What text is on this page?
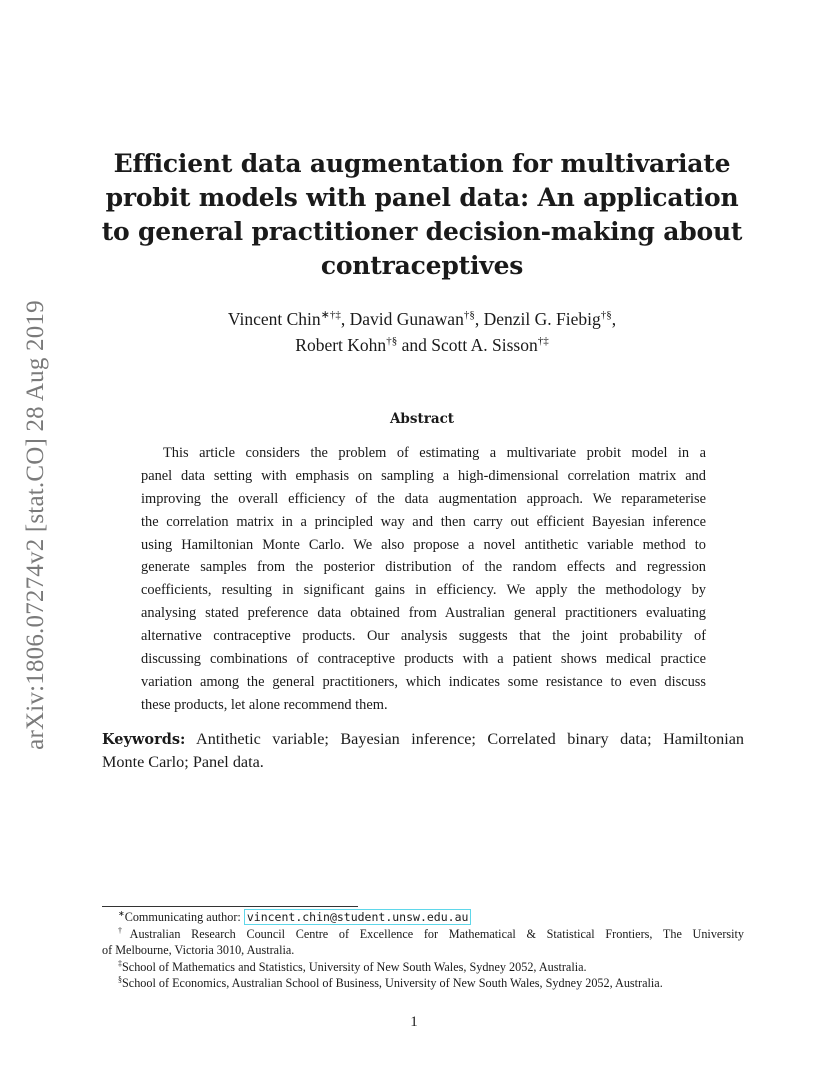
arXiv:1806.07274v2 [stat.CO] 28 Aug 2019
Efficient data augmentation for multivariate
probit models with panel data: An application
to general practitioner decision-making about
contraceptives
Vincent Chin∗†‡, David Gunawan†§, Denzil G. Fiebig†§,
Robert Kohn†§ and Scott A. Sisson†‡
Abstract
This article considers the problem of estimating a multivariate probit model in a
panel data setting with emphasis on sampling a high-dimensional correlation matrix and
improving the overall efficiency of the data augmentation approach. We reparameterise
the correlation matrix in a principled way and then carry out efficient Bayesian inference
using Hamiltonian Monte Carlo. We also propose a novel antithetic variable method to
generate samples from the posterior distribution of the random effects and regression
coefficients, resulting in significant gains in efficiency. We apply the methodology by
analysing stated preference data obtained from Australian general practitioners evaluating
alternative contraceptive products. Our analysis suggests that the joint probability of
discussing combinations of contraceptive products with a patient shows medical practice
variation among the general practitioners, which indicates some resistance to even discuss
these products, let alone recommend them.
Keywords: Antithetic variable; Bayesian inference; Correlated binary data; Hamiltonian
Monte Carlo; Panel data.
∗Communicating author: vincent.chin@student.unsw.edu.au
†Australian Research Council Centre of Excellence for Mathematical & Statistical Frontiers, The University
of Melbourne, Victoria 3010, Australia.
‡School of Mathematics and Statistics, University of New South Wales, Sydney 2052, Australia.
§School of Economics, Australian School of Business, University of New South Wales, Sydney 2052, Australia.
1
